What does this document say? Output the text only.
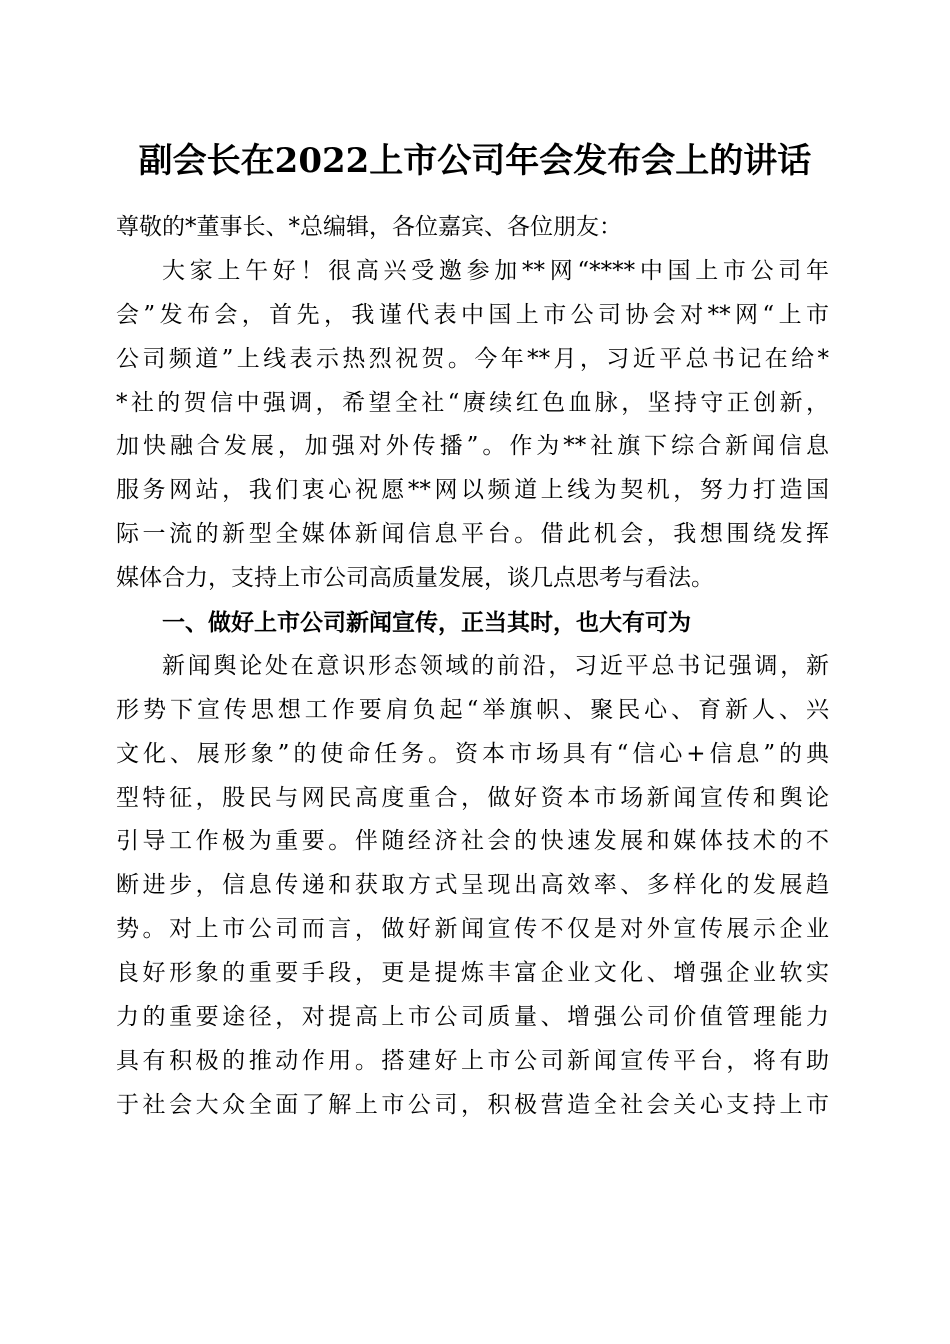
副会长在2022上市公司年会发布会上的讲话
尊敬的*董事长、*总编辑，各位嘉宾、各位朋友：
大家上午好！很高兴受邀参加**网“****中国上市公司年
会”发布会，首先，我谨代表中国上市公司协会对**网“上市
公司频道”上线表示热烈祝贺。今年**月，习近平总书记在给*
*社的贺信中强调，希望全社“赓续红色血脉，坚持守正创新，
加快融合发展，加强对外传播”。作为**社旗下综合新闻信息
服务网站，我们衷心祝愿**网以频道上线为契机，努力打造国
际一流的新型全媒体新闻信息平台。借此机会，我想围绕发挥
媒体合力，支持上市公司高质量发展，谈几点思考与看法。
一、做好上市公司新闻宣传，正当其时，也大有可为
新闻舆论处在意识形态领域的前沿，习近平总书记强调，新
形势下宣传思想工作要肩负起“举旗帜、聚民心、育新人、兴
文化、展形象”的使命任务。资本市场具有“信心+信息”的典
型特征，股民与网民高度重合，做好资本市场新闻宣传和舆论
引导工作极为重要。伴随经济社会的快速发展和媒体技术的不
断进步，信息传递和获取方式呈现出高效率、多样化的发展趋
势。对上市公司而言，做好新闻宣传不仅是对外宣传展示企业
良好形象的重要手段，更是提炼丰富企业文化、增强企业软实
力的重要途径，对提高上市公司质量、增强公司价值管理能力
具有积极的推动作用。搭建好上市公司新闻宣传平台，将有助
于社会大众全面了解上市公司，积极营造全社会关心支持上市
